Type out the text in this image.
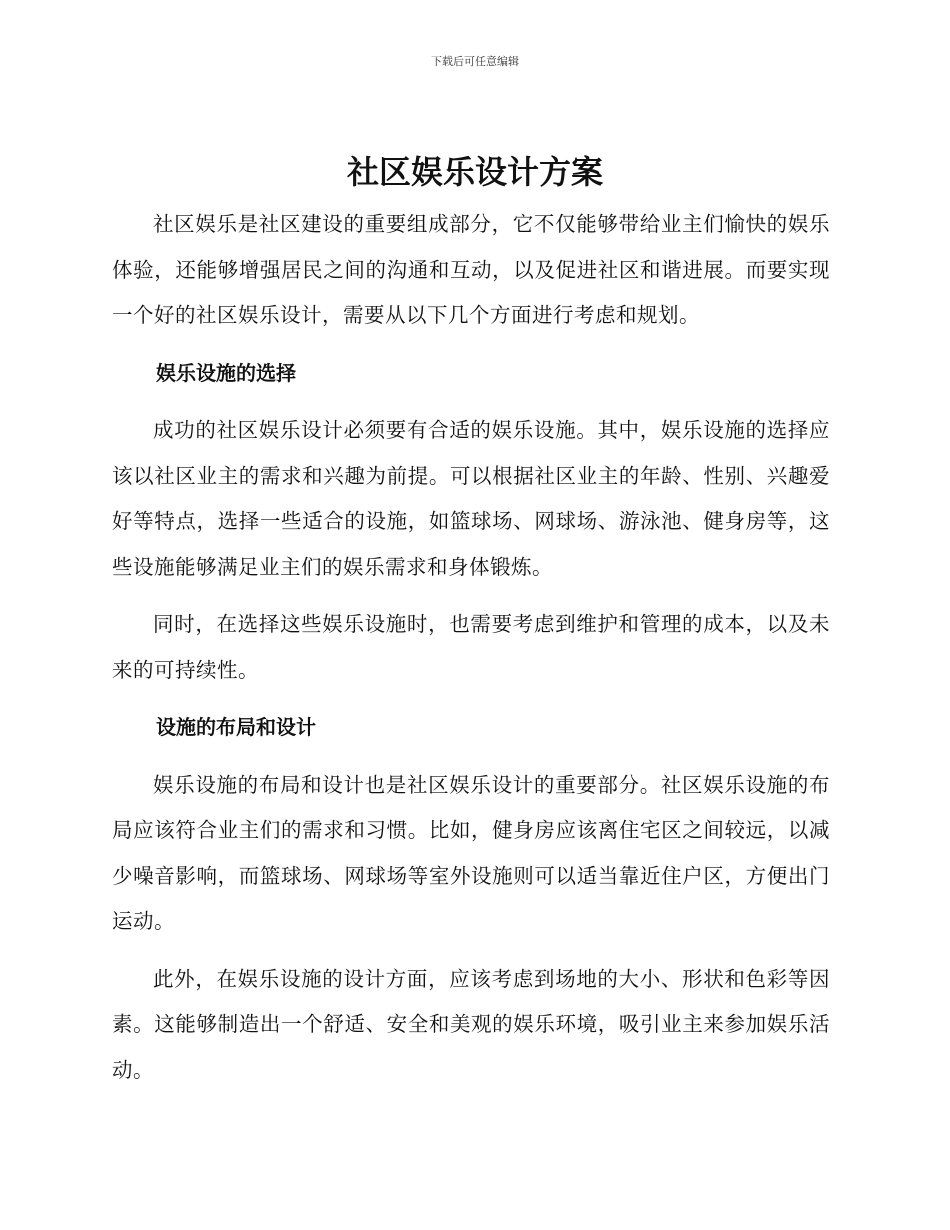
下载后可任意编辑
社区娱乐设计方案

社区娱乐是社区建设的重要组成部分，它不仅能够带给业主们愉快的娱乐体验，还能够增强居民之间的沟通和互动，以及促进社区和谐进展。而要实现一个好的社区娱乐设计，需要从以下几个方面进行考虑和规划。

娱乐设施的选择

成功的社区娱乐设计必须要有合适的娱乐设施。其中，娱乐设施的选择应该以社区业主的需求和兴趣为前提。可以根据社区业主的年龄、性别、兴趣爱好等特点，选择一些适合的设施，如篮球场、网球场、游泳池、健身房等，这些设施能够满足业主们的娱乐需求和身体锻炼。

同时，在选择这些娱乐设施时，也需要考虑到维护和管理的成本，以及未来的可持续性。

设施的布局和设计

娱乐设施的布局和设计也是社区娱乐设计的重要部分。社区娱乐设施的布局应该符合业主们的需求和习惯。比如，健身房应该离住宅区之间较远，以减少噪音影响，而篮球场、网球场等室外设施则可以适当靠近住户区，方便出门运动。

此外，在娱乐设施的设计方面，应该考虑到场地的大小、形状和色彩等因素。这能够制造出一个舒适、安全和美观的娱乐环境，吸引业主来参加娱乐活动。
